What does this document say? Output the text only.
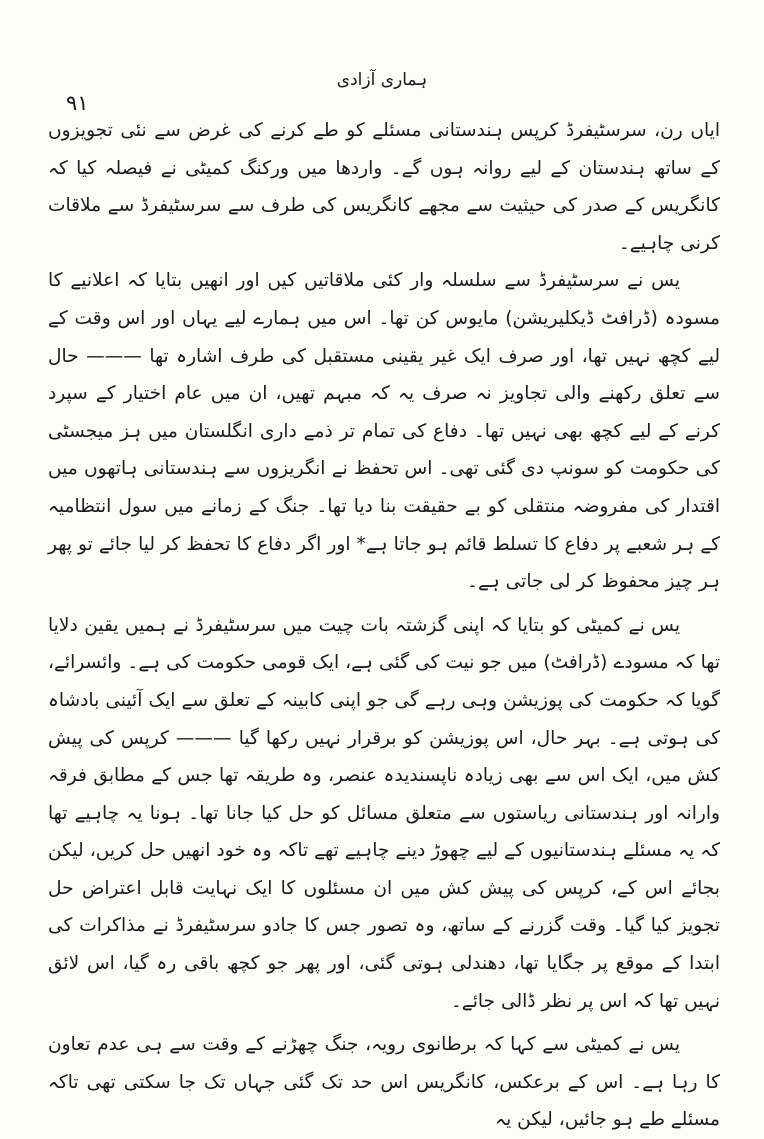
ہماری آزادی
٩١

ایاں رن، سرسٹیفرڈ کرپس ہندستانی مسئلے کو طے کرنے کی غرض سے نئی تجویزوں کے ساتھ ہندستان کے لیے روانہ ہوں گے۔ واردھا میں ورکنگ کمیٹی نے فیصلہ کیا کہ کانگریس کے صدر کی حیثیت سے مجھے کانگریس کی طرف سے سرسٹیفرڈ سے ملاقات کرنی چاہیے۔

یس نے سرسٹیفرڈ سے سلسلہ وار کئی ملاقاتیں کیں اور انھیں بتایا کہ اعلانیے کا مسودہ (ڈرافٹ ڈیکلیریشن) مایوس کن تھا۔ اس میں ہمارے لیے یہاں اور اس وقت کے لیے کچھ نہیں تھا، اور صرف ایک غیر یقینی مستقبل کی طرف اشارہ تھا ——— حال سے تعلق رکھنے والی تجاویز نہ صرف یہ کہ مبہم تھیں، ان میں عام اختیار کے سپرد کرنے کے لیے کچھ بھی نہیں تھا۔ دفاع کی تمام تر ذمے داری انگلستان میں ہز میجسٹی کی حکومت کو سونپ دی گئی تھی۔ اس تحفظ نے انگریزوں سے ہندستانی ہاتھوں میں اقتدار کی مفروضہ منتقلی کو بے حقیقت بنا دیا تھا۔ جنگ کے زمانے میں سول انتظامیہ کے ہر شعبے پر دفاع کا تسلط قائم ہو جاتا ہے* اور اگر دفاع کا تحفظ کر لیا جائے تو پھر ہر چیز محفوظ کر لی جاتی ہے۔

یس نے کمیٹی کو بتایا کہ اپنی گزشتہ بات چیت میں سرسٹیفرڈ نے ہمیں یقین دلایا تھا کہ مسودے (ڈرافٹ) میں جو نیت کی گئی ہے، ایک قومی حکومت کی ہے۔ وائسرائے، گویا کہ حکومت کی پوزیشن وہی رہے گی جو اپنی کابینہ کے تعلق سے ایک آئینی بادشاہ کی ہوتی ہے۔ بہر حال، اس پوزیشن کو برقرار نہیں رکھا گیا ——— کرپس کی پیش کش میں، ایک اس سے بھی زیادہ ناپسندیدہ عنصر، وہ طریقہ تھا جس کے مطابق فرقہ وارانہ اور ہندستانی ریاستوں سے متعلق مسائل کو حل کیا جانا تھا۔ ہونا یہ چاہیے تھا کہ یہ مسئلے ہندستانیوں کے لیے چھوڑ دینے چاہیے تھے تاکہ وہ خود انھیں حل کریں، لیکن بجائے اس کے، کرپس کی پیش کش میں ان مسئلوں کا ایک نہایت قابل اعتراض حل تجویز کیا گیا۔ وقت گزرنے کے ساتھ، وہ تصور جس کا جادو سرسٹیفرڈ نے مذاکرات کی ابتدا کے موقع پر جگایا تھا، دھندلی ہوتی گئی، اور پھر جو کچھ باقی رہ گیا، اس لائق نہیں تھا کہ اس پر نظر ڈالی جائے۔

یس نے کمیٹی سے کہا کہ برطانوی رویہ، جنگ چھڑنے کے وقت سے ہی عدم تعاون کا رہا ہے۔ اس کے برعکس، کانگریس اس حد تک گئی جہاں تک جا سکتی تھی تاکہ مسئلے طے ہو جائیں، لیکن یہ
